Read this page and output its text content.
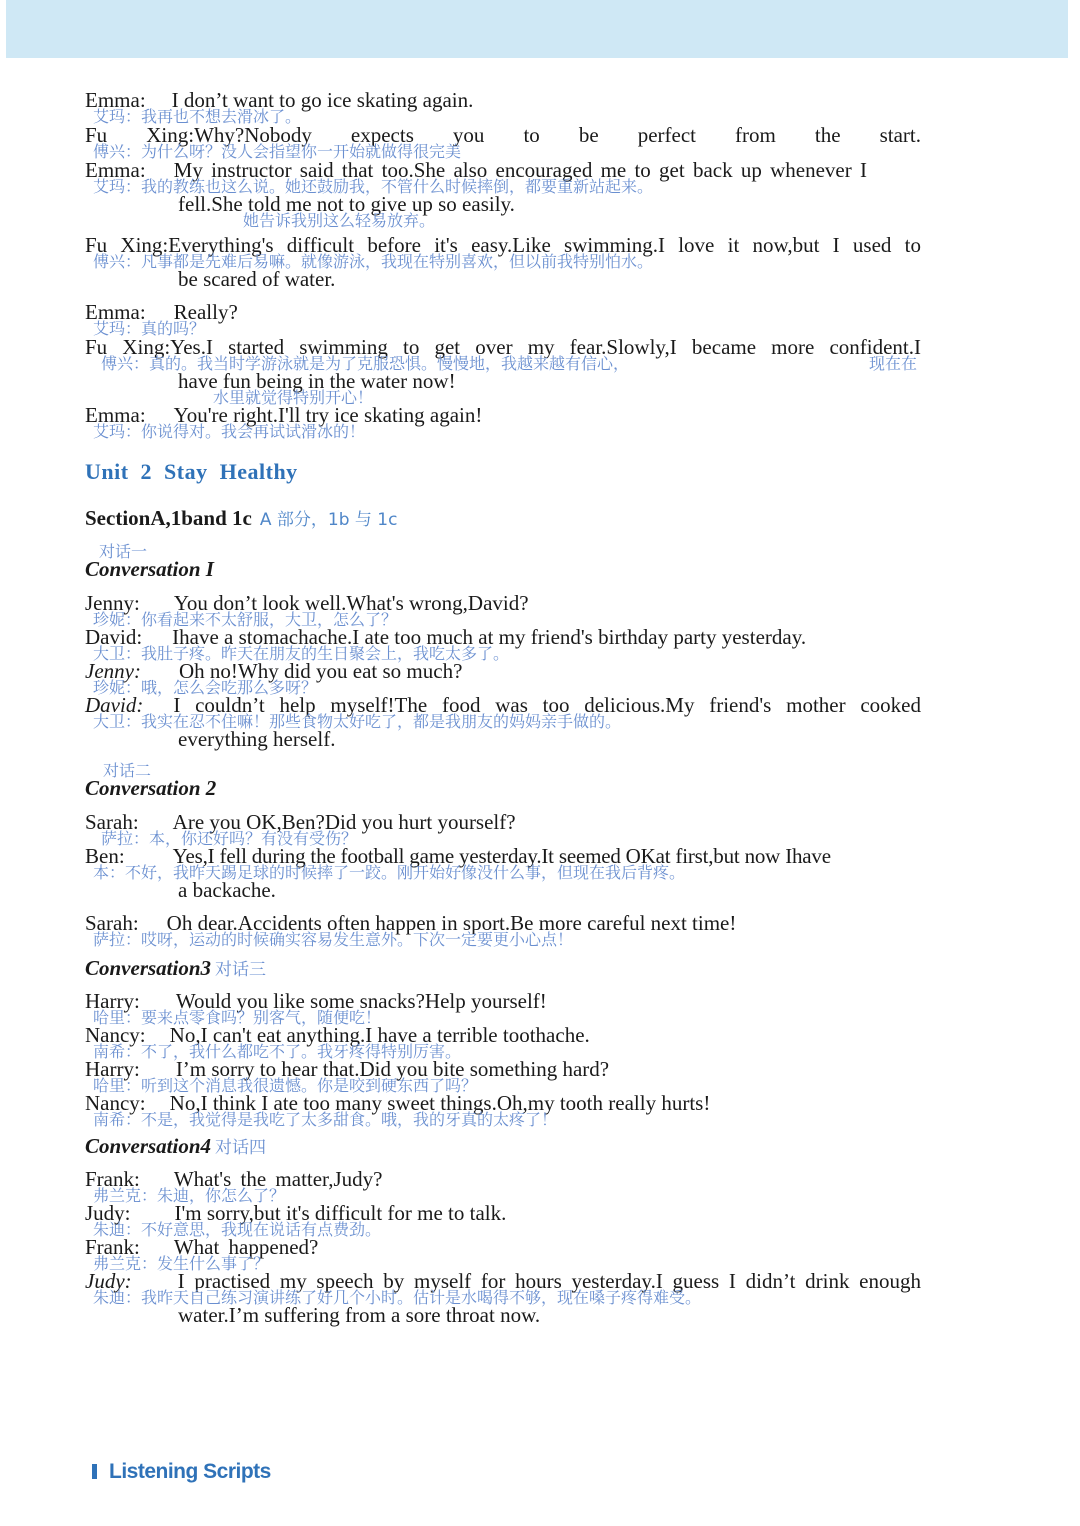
Emma: I don’t want to go ice skating again.
艾玛：我再也不想去滑冰了。
Fu Xing:Why?Nobody expects you to be perfect from the start.
傅兴：为什么呀？没人会指望你一开始就做得很完美
Emma: My instructor said that too.She also encouraged me to get back up whenever I
艾玛：我的教练也这么说。她还鼓励我，不管什么时候摔倒，都要重新站起来。
fell.She told me not to give up so easily.
她告诉我别这么轻易放弃。
Fu Xing:Everything's difficult before it's easy.Like swimming.I love it now,but I used to
傅兴：凡事都是先难后易嘛。就像游泳，我现在特别喜欢，但以前我特别怕水。
be scared of water.
Emma: Really?
艾玛：真的吗？
Fu Xing:Yes.I started swimming to get over my fear.Slowly,I became more confident.I
傅兴：真的。我当时学游泳就是为了克服恐惧。慢慢地，我越来越有信心，	现在在
have fun being in the water now!
水里就觉得特别开心！
Emma: You're right.I'll try ice skating again!
艾玛：你说得对。我会再试试滑冰的！
Unit 2 Stay Healthy
SectionA,1band 1c A 部分，1b 与 1c
对话一
Conversation I
Jenny: You don’t look well.What's wrong,David?
珍妮：你看起来不太舒服，大卫，怎么了？
David: Ihave a stomachache.I ate too much at my friend's birthday party yesterday.
大卫：我肚子疼。昨天在朋友的生日聚会上，我吃太多了。
Jenny: Oh no!Why did you eat so much?
珍妮：哦，怎么会吃那么多呀？
David: I couldn’t help myself!The food was too delicious.My friend's mother cooked
大卫：我实在忍不住嘛！那些食物太好吃了，都是我朋友的妈妈亲手做的。
everything herself.
对话二
Conversation 2
Sarah: Are you OK,Ben?Did you hurt yourself?
萨拉：本，你还好吗？有没有受伤？
Ben: Yes,I fell during the football game yesterday.It seemed OKat first,but now Ihave
本：不好，我昨天踢足球的时候摔了一跤。刚开始好像没什么事，但现在我后背疼。
a backache.
Sarah: Oh dear.Accidents often happen in sport.Be more careful next time!
萨拉：哎呀，运动的时候确实容易发生意外。下次一定要更小心点！
Conversation3 对话三
Harry: Would you like some snacks?Help yourself!
哈里：要来点零食吗？别客气，随便吃！
Nancy: No,I can't eat anything.I have a terrible toothache.
南希：不了，我什么都吃不了。我牙疼得特别厉害。
Harry: I’m sorry to hear that.Did you bite something hard?
哈里：听到这个消息我很遗憾。你是咬到硬东西了吗？
Nancy: No,I think I ate too many sweet things.Oh,my tooth really hurts!
南希：不是，我觉得是我吃了太多甜食。哦，我的牙真的太疼了！
Conversation4 对话四
Frank: What's the matter,Judy?
弗兰克：朱迪，你怎么了？
Judy: I'm sorry,but it's difficult for me to talk.
朱迪：不好意思，我现在说话有点费劲。
Frank: What happened?
弗兰克：发生什么事了？
Judy: I practised my speech by myself for hours yesterday.I guess I didn’t drink enough
朱迪：我昨天自己练习演讲练了好几个小时。估计是水喝得不够，现在嗓子疼得难受。
water.I’m suffering from a sore throat now.
Listening Scripts
